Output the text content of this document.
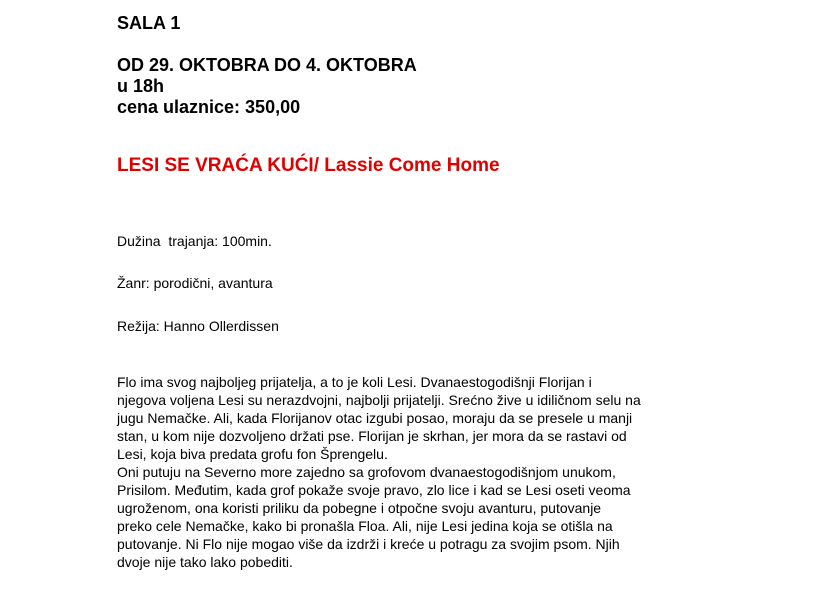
SALA 1
OD 29. OKTOBRA DO 4. OKTOBRA
u 18h
cena ulaznice: 350,00
LESI SE VRAĆA KUĆI/ Lassie Come Home
Dužina  trajanja: 100min.
Žanr: porodični, avantura
Režija: Hanno Ollerdissen
Flo ima svog najboljeg prijatelja, a to je koli Lesi. Dvanaestogodišnji Florijan i
njegova voljena Lesi su nerazdvojni, najbolji prijatelji. Srećno žive u idiličnom selu na
jugu Nemačke. Ali, kada Florijanov otac izgubi posao, moraju da se presele u manji
stan, u kom nije dozvoljeno držati pse. Florijan je skrhan, jer mora da se rastavi od
Lesi, koja biva predata grofu fon Šprengelu.
Oni putuju na Severno more zajedno sa grofovom dvanaestogodišnjom unukom,
Prisilom. Međutim, kada grof pokaže svoje pravo, zlo lice i kad se Lesi oseti veoma
ugroženom, ona koristi priliku da pobegne i otpočne svoju avanturu, putovanje
preko cele Nemačke, kako bi pronašla Floa. Ali, nije Lesi jedina koja se otišla na
putovanje. Ni Flo nije mogao više da izdrži i kreće u potragu za svojim psom. Njih
dvoje nije tako lako pobediti.
